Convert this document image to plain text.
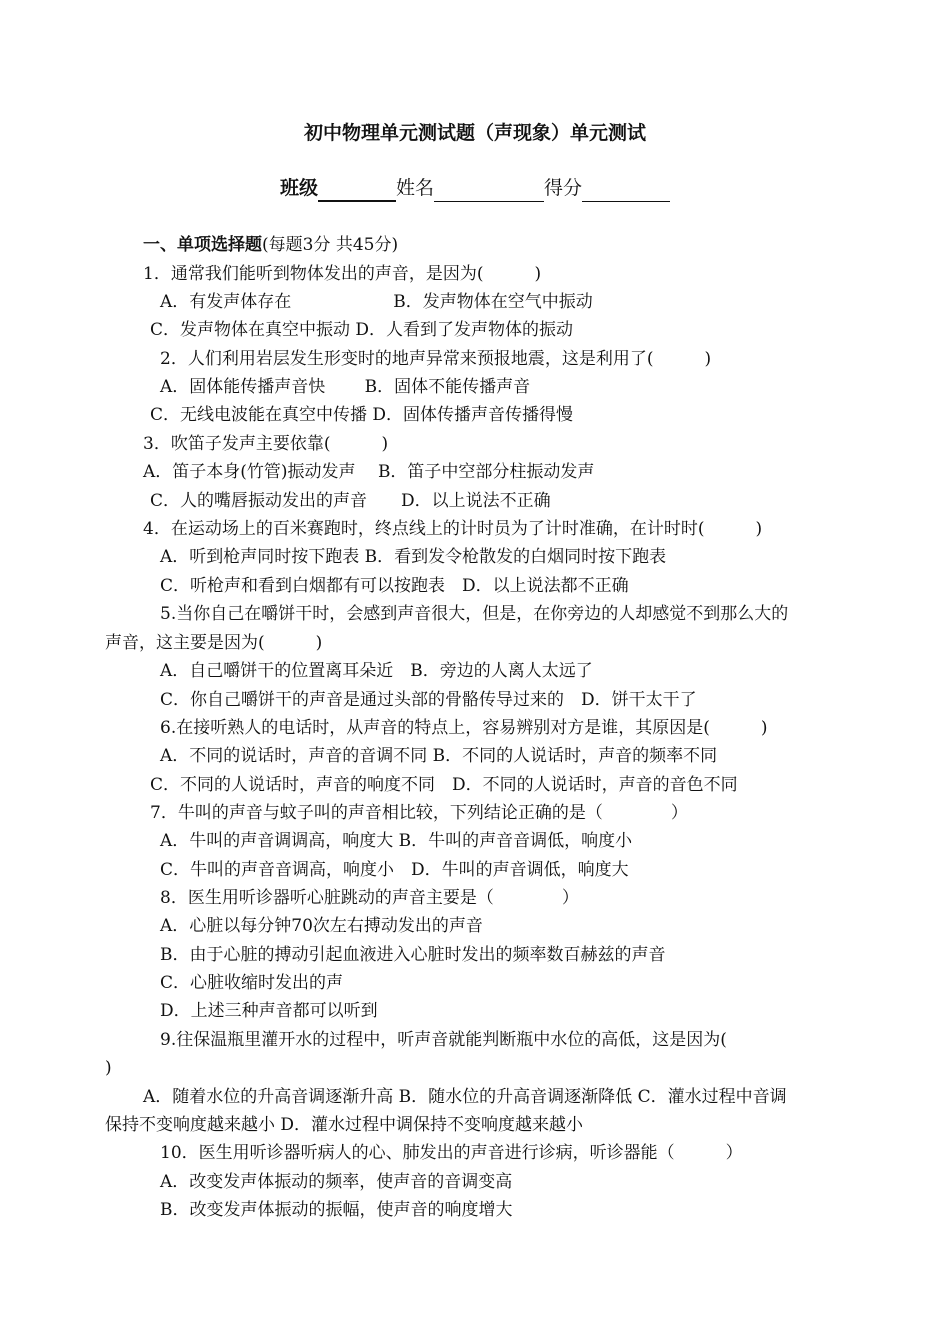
初中物理单元测试题（声现象）单元测试
班级	姓名	得分
一、单项选择题(每题3分 共45分)
1．通常我们能听到物体发出的声音，是因为(　　　)
A．有发声体存在　　　　　　B．发声物体在空气中振动
C．发声物体在真空中振动 D．人看到了发声物体的振动
2．人们利用岩层发生形变时的地声异常来预报地震，这是利用了(　　　)
A．固体能传播声音快　　 B．固体不能传播声音
C．无线电波能在真空中传播 D．固体传播声音传播得慢
3．吹笛子发声主要依靠(　　　)
A．笛子本身(竹管)振动发声　 B．笛子中空部分柱振动发声
C．人的嘴唇振动发出的声音　　D．以上说法不正确
4．在运动场上的百米赛跑时，终点线上的计时员为了计时准确，在计时时(　　　)
A．听到枪声同时按下跑表 B．看到发令枪散发的白烟同时按下跑表
C．听枪声和看到白烟都有可以按跑表　D．以上说法都不正确
5.当你自己在嚼饼干时，会感到声音很大，但是，在你旁边的人却感觉不到那么大的
声音，这主要是因为(　　　)
A．自己嚼饼干的位置离耳朵近　B．旁边的人离人太远了
C．你自己嚼饼干的声音是通过头部的骨骼传导过来的　D．饼干太干了
6.在接听熟人的电话时，从声音的特点上，容易辨别对方是谁，其原因是(　　　)
A．不同的说话时，声音的音调不同 B．不同的人说话时，声音的频率不同
C．不同的人说话时，声音的响度不同　D．不同的人说话时，声音的音色不同
7．牛叫的声音与蚊子叫的声音相比较，下列结论正确的是（　　　　）
A．牛叫的声音调调高，响度大 B．牛叫的声音音调低，响度小
C．牛叫的声音音调高，响度小　D．牛叫的声音调低，响度大
8．医生用听诊器听心脏跳动的声音主要是（　　　　）
A．心脏以每分钟70次左右搏动发出的声音
B．由于心脏的搏动引起血液进入心脏时发出的频率数百赫兹的声音
C．心脏收缩时发出的声
D．上述三种声音都可以听到
9.往保温瓶里灌开水的过程中，听声音就能判断瓶中水位的高低，这是因为(
)
A．随着水位的升高音调逐渐升高 B．随水位的升高音调逐渐降低 C．灌水过程中音调
保持不变响度越来越小 D．灌水过程中调保持不变响度越来越小
10．医生用听诊器听病人的心、肺发出的声音进行诊病，听诊器能（　　　）
A．改变发声体振动的频率，使声音的音调变高
B．改变发声体振动的振幅，使声音的响度增大
